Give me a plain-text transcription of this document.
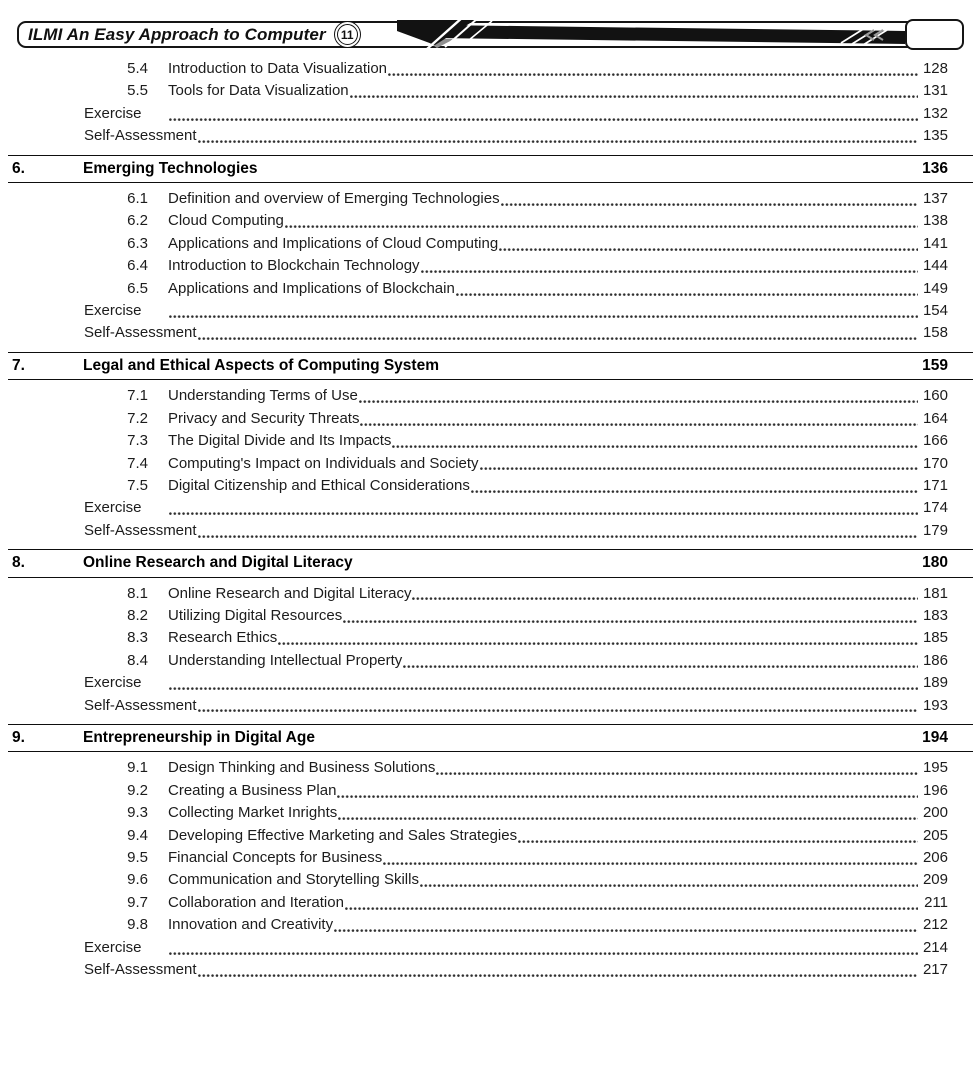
ILMI An Easy Approach to Computer 11
5.4 Introduction to Data Visualization	128
5.5 Tools for Data Visualization	131
Exercise	132
Self-Assessment	135
6.	Emerging Technologies	136
6.1 Definition and overview of Emerging Technologies	137
6.2 Cloud Computing	138
6.3 Applications and Implications of Cloud Computing	141
6.4 Introduction to Blockchain Technology	144
6.5 Applications and Implications of Blockchain	149
Exercise	154
Self-Assessment	158
7.	Legal and Ethical Aspects of Computing System	159
7.1 Understanding Terms of Use	160
7.2 Privacy and Security Threats	164
7.3 The Digital Divide and Its Impacts	166
7.4 Computing's Impact on Individuals and Society	170
7.5 Digital Citizenship and Ethical Considerations	171
Exercise	174
Self-Assessment	179
8.	Online Research and Digital Literacy	180
8.1 Online Research and Digital Literacy	181
8.2 Utilizing Digital Resources	183
8.3 Research Ethics	185
8.4 Understanding Intellectual Property	186
Exercise	189
Self-Assessment	193
9.	Entrepreneurship in Digital Age	194
9.1 Design Thinking and Business Solutions	195
9.2 Creating a Business Plan	196
9.3 Collecting Market Inrights	200
9.4 Developing Effective Marketing and Sales Strategies	205
9.5 Financial Concepts for Business	206
9.6 Communication and Storytelling Skills	209
9.7 Collaboration and Iteration	211
9.8 Innovation and Creativity	212
Exercise	214
Self-Assessment	217
